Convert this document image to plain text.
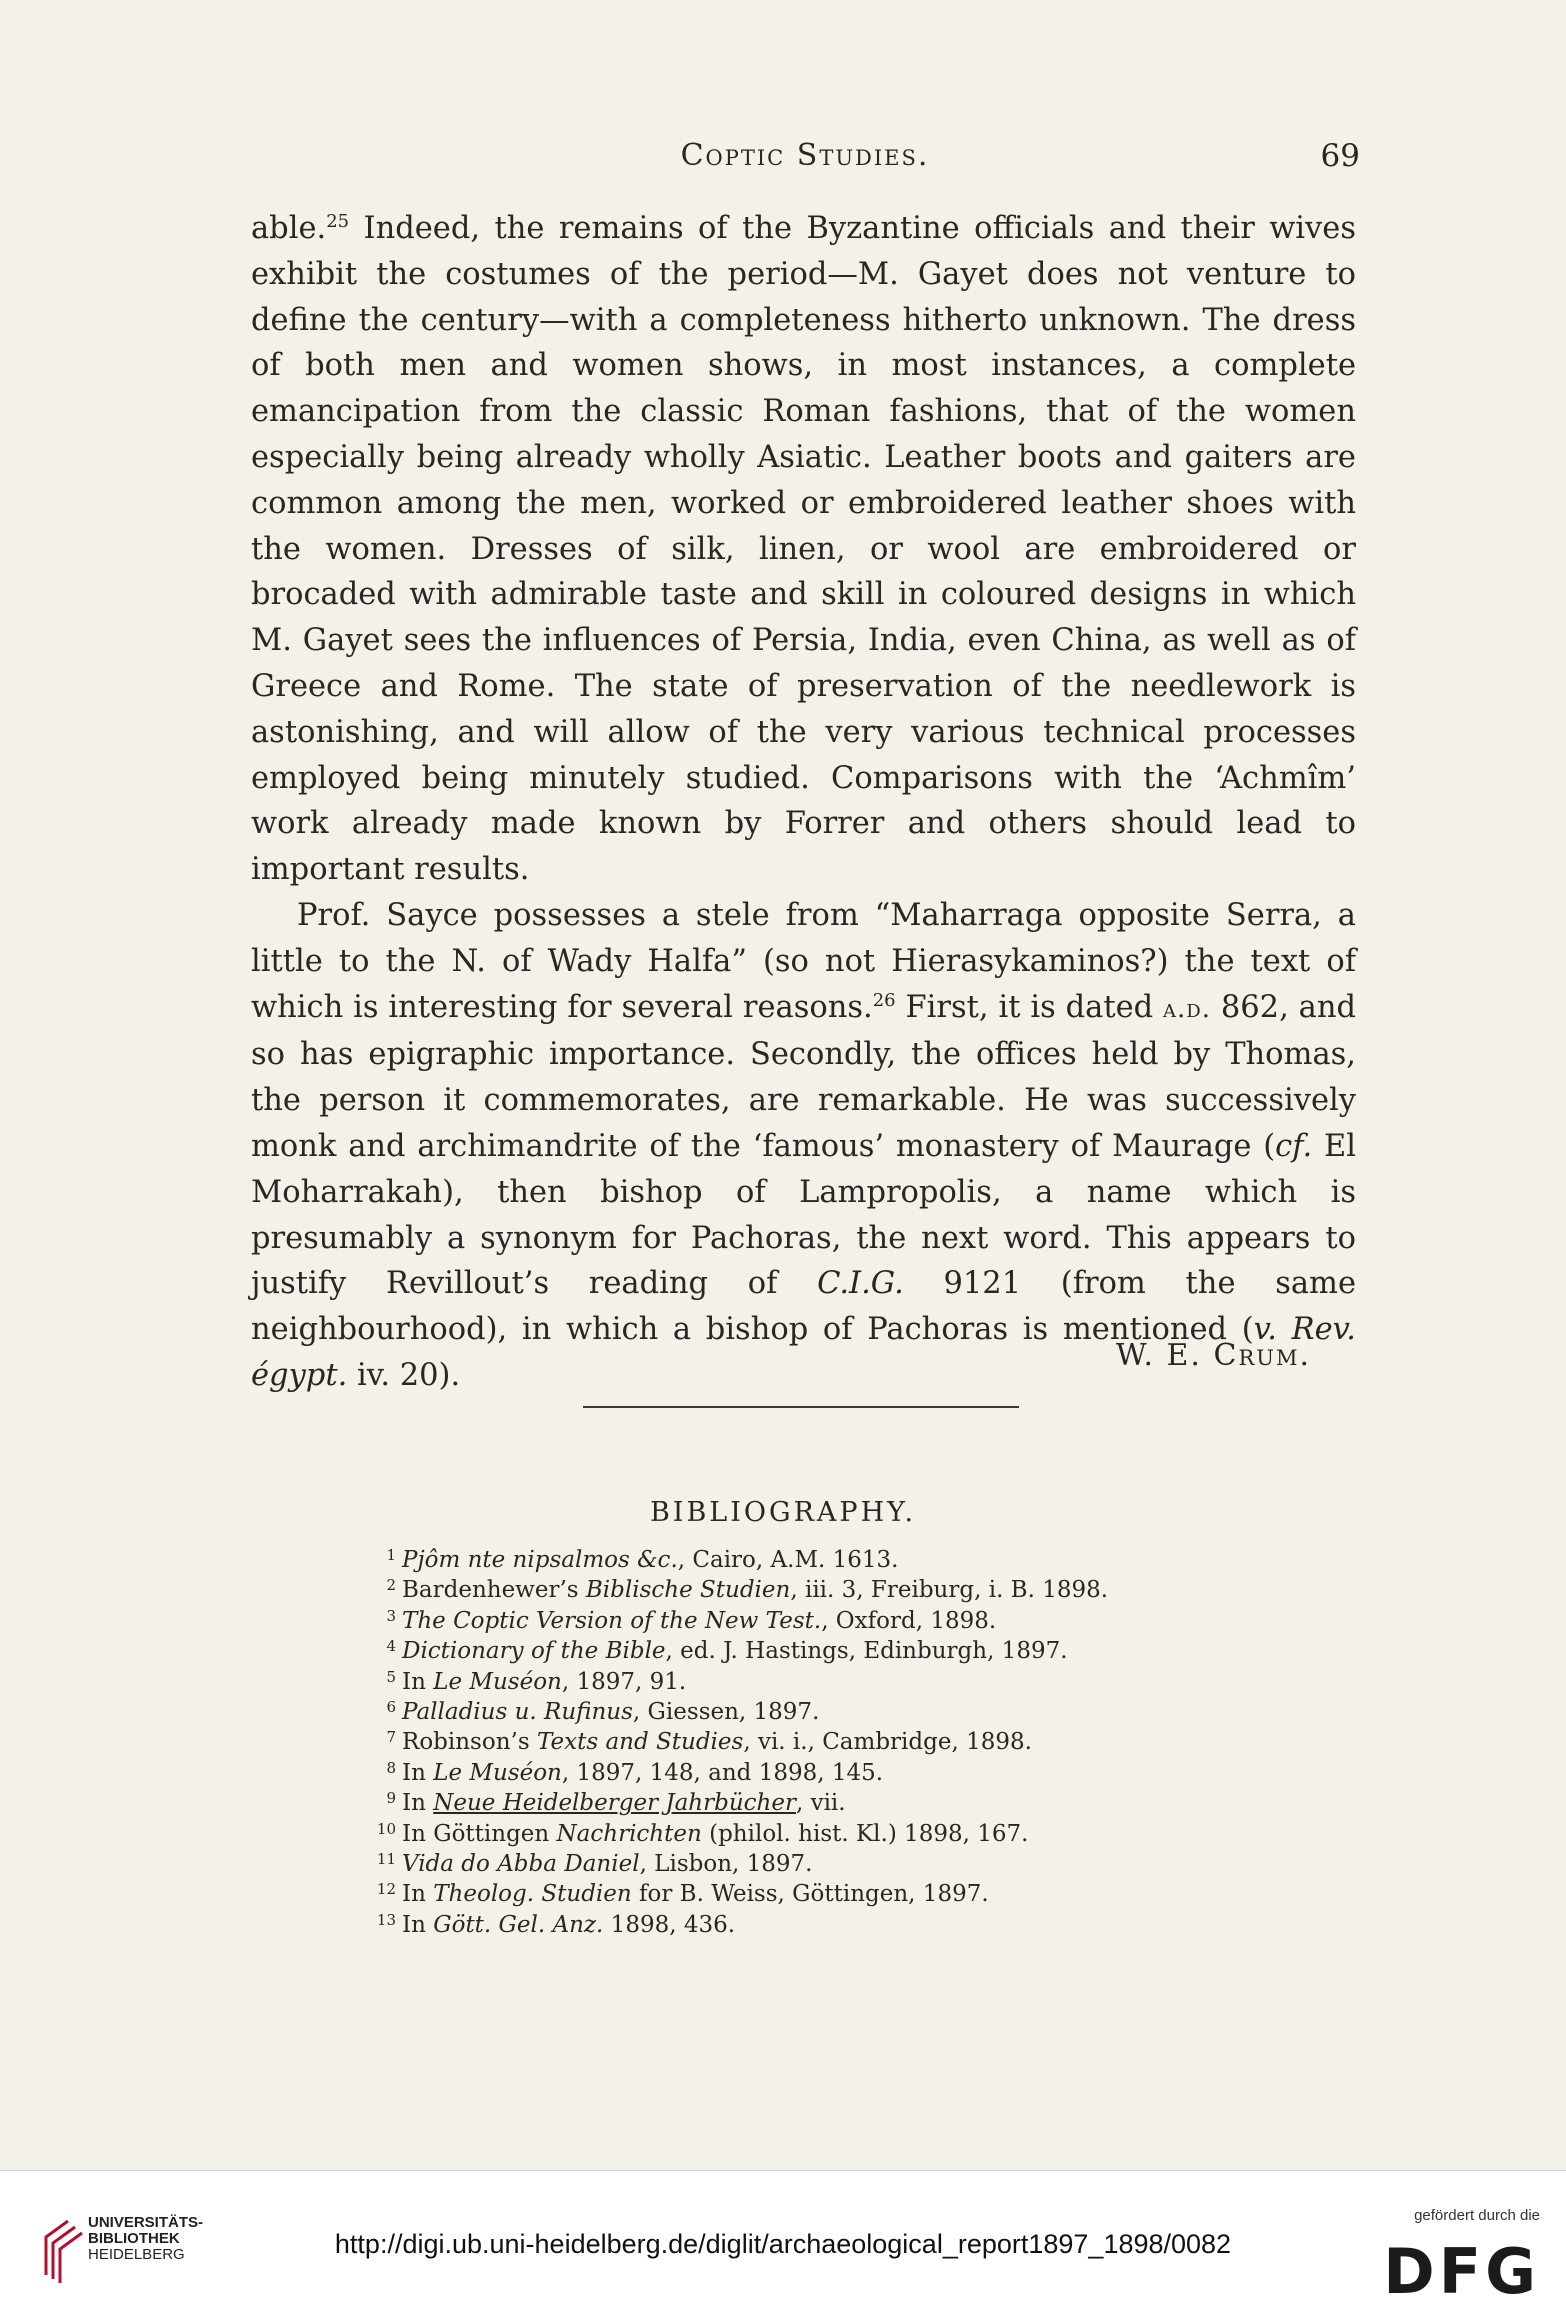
Coptic Studies.	69

able.$^{25}$ Indeed, the remains of the Byzantine officials and their wives exhibit the costumes of the period—M. Gayet does not venture to define the century—with a completeness hitherto unknown. The dress of both men and women shows, in most instances, a complete emancipation from the classic Roman fashions, that of the women especially being already wholly Asiatic. Leather boots and gaiters are common among the men, worked or embroidered leather shoes with the women. Dresses of silk, linen, or wool are embroidered or brocaded with admirable taste and skill in coloured designs in which M. Gayet sees the influences of Persia, India, even China, as well as of Greece and Rome. The state of preservation of the needlework is astonishing, and will allow of the very various technical processes employed being minutely studied. Comparisons with the ‘Achmîm’ work already made known by Forrer and others should lead to important results.

Prof. Sayce possesses a stele from “Maharraga opposite Serra, a little to the N. of Wady Halfa” (so not Hierasykaminos?) the text of which is interesting for several reasons.$^{26}$ First, it is dated a.d. 862, and so has epigraphic importance. Secondly, the offices held by Thomas, the person it commemorates, are remarkable. He was successively monk and archimandrite of the ‘famous’ monastery of Maurage (cf. El Moharrakah), then bishop of Lampropolis, a name which is presumably a synonym for Pachoras, the next word. This appears to justify Revillout’s reading of C.I.G. 9121 (from the same neighbourhood), in which a bishop of Pachoras is mentioned (v. Rev. égypt. iv. 20).

W. E. Crum.
BIBLIOGRAPHY.
1 Pjôm nte nipsalmos &c., Cairo, A.M. 1613.
2 Bardenhewer’s Biblische Studien, iii. 3, Freiburg, i. B. 1898.
3 The Coptic Version of the New Test., Oxford, 1898.
4 Dictionary of the Bible, ed. J. Hastings, Edinburgh, 1897.
5 In Le Muséon, 1897, 91.
6 Palladius u. Rufinus, Giessen, 1897.
7 Robinson’s Texts and Studies, vi. i., Cambridge, 1898.
8 In Le Muséon, 1897, 148, and 1898, 145.
9 In Neue Heidelberger Jahrbücher, vii.
10 In Göttingen Nachrichten (philol. hist. Kl.) 1898, 167.
11 Vida do Abba Daniel, Lisbon, 1897.
12 In Theolog. Studien for B. Weiss, Göttingen, 1897.
13 In Gött. Gel. Anz. 1898, 436.
UNIVERSITÄTS-
BIBLIOTHEK
HEIDELBERG	http://digi.ub.uni-heidelberg.de/diglit/archaeological_report1897_1898/0082
gefördert durch die
DFG
